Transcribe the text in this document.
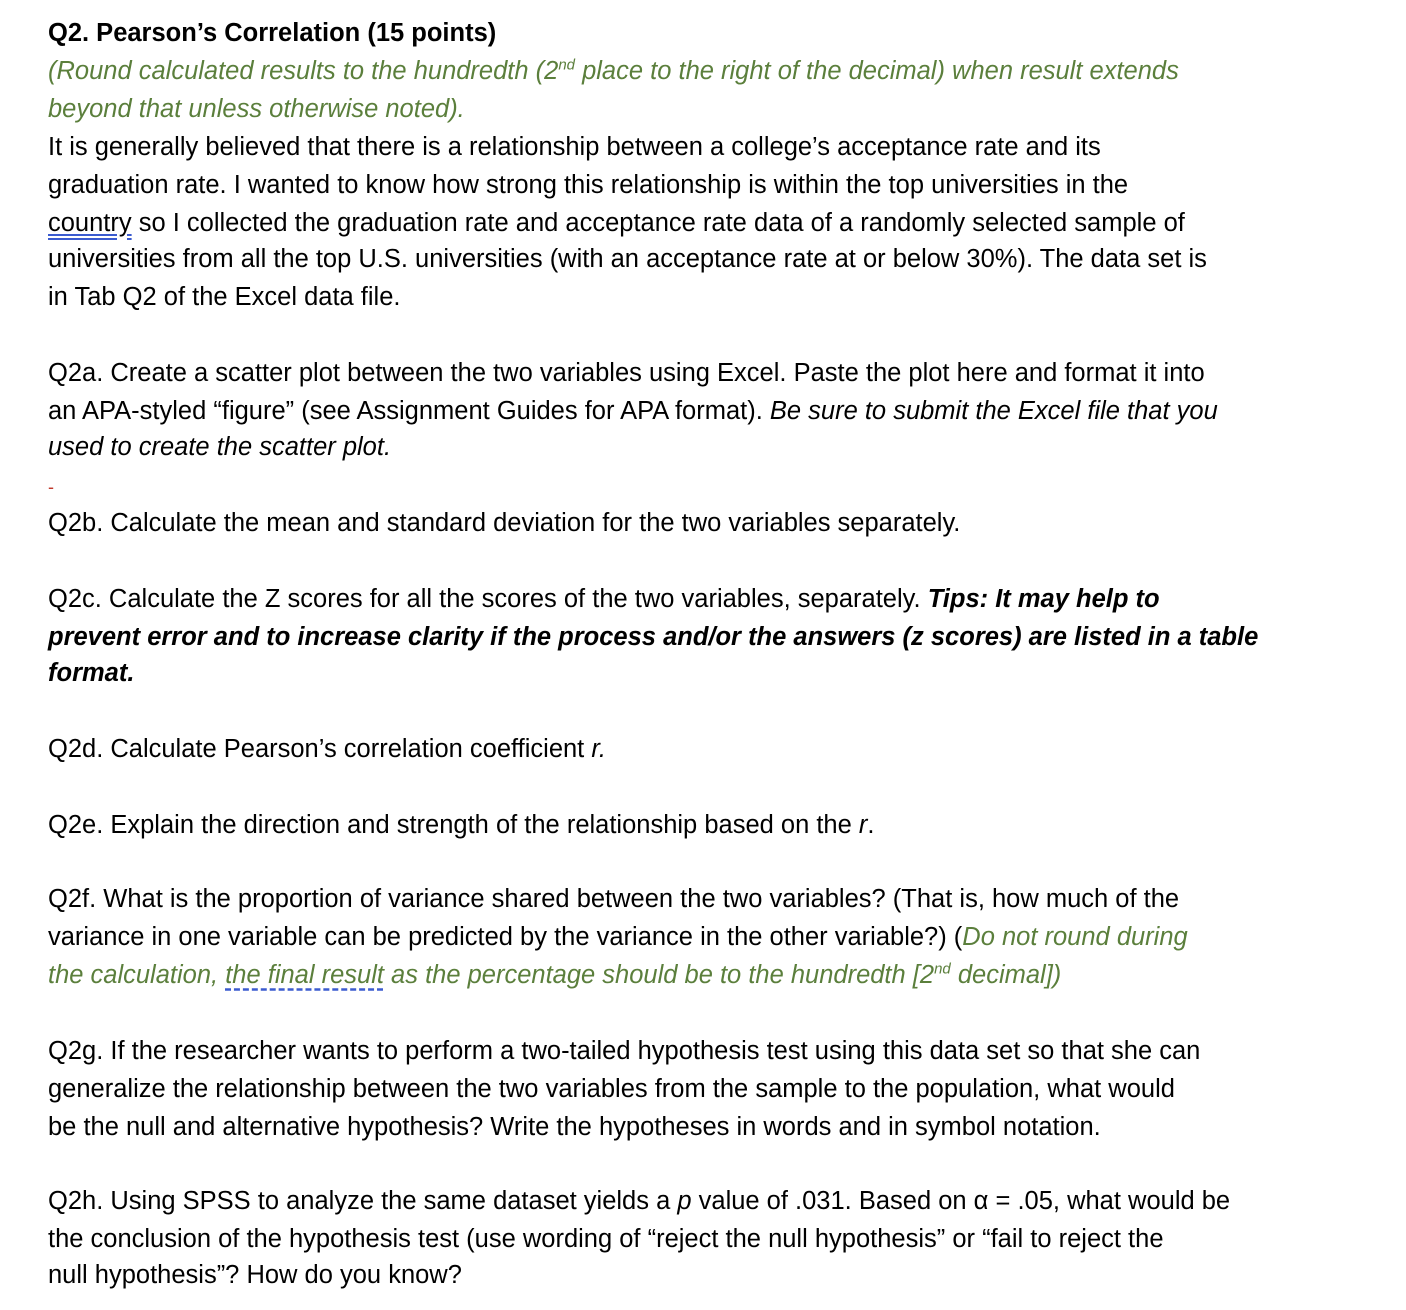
Q2. Pearson’s Correlation (15 points)
(Round calculated results to the hundredth (2nd place to the right of the decimal) when result extends
beyond that unless otherwise noted).
It is generally believed that there is a relationship between a college’s acceptance rate and its
graduation rate. I wanted to know how strong this relationship is within the top universities in the
country so I collected the graduation rate and acceptance rate data of a randomly selected sample of
universities from all the top U.S. universities (with an acceptance rate at or below 30%). The data set is
in Tab Q2 of the Excel data file.
Q2a. Create a scatter plot between the two variables using Excel. Paste the plot here and format it into
an APA-styled “figure” (see Assignment Guides for APA format). Be sure to submit the Excel file that you
used to create the scatter plot.
-
Q2b. Calculate the mean and standard deviation for the two variables separately.
Q2c. Calculate the Z scores for all the scores of the two variables, separately. Tips: It may help to
prevent error and to increase clarity if the process and/or the answers (z scores) are listed in a table
format.
Q2d. Calculate Pearson’s correlation coefficient r.
Q2e. Explain the direction and strength of the relationship based on the r.
Q2f. What is the proportion of variance shared between the two variables? (That is, how much of the
variance in one variable can be predicted by the variance in the other variable?) (Do not round during
the calculation, the final result as the percentage should be to the hundredth [2nd decimal])
Q2g. If the researcher wants to perform a two-tailed hypothesis test using this data set so that she can
generalize the relationship between the two variables from the sample to the population, what would
be the null and alternative hypothesis? Write the hypotheses in words and in symbol notation.
Q2h. Using SPSS to analyze the same dataset yields a p value of .031. Based on α = .05, what would be
the conclusion of the hypothesis test (use wording of “reject the null hypothesis” or “fail to reject the
null hypothesis”? How do you know?
